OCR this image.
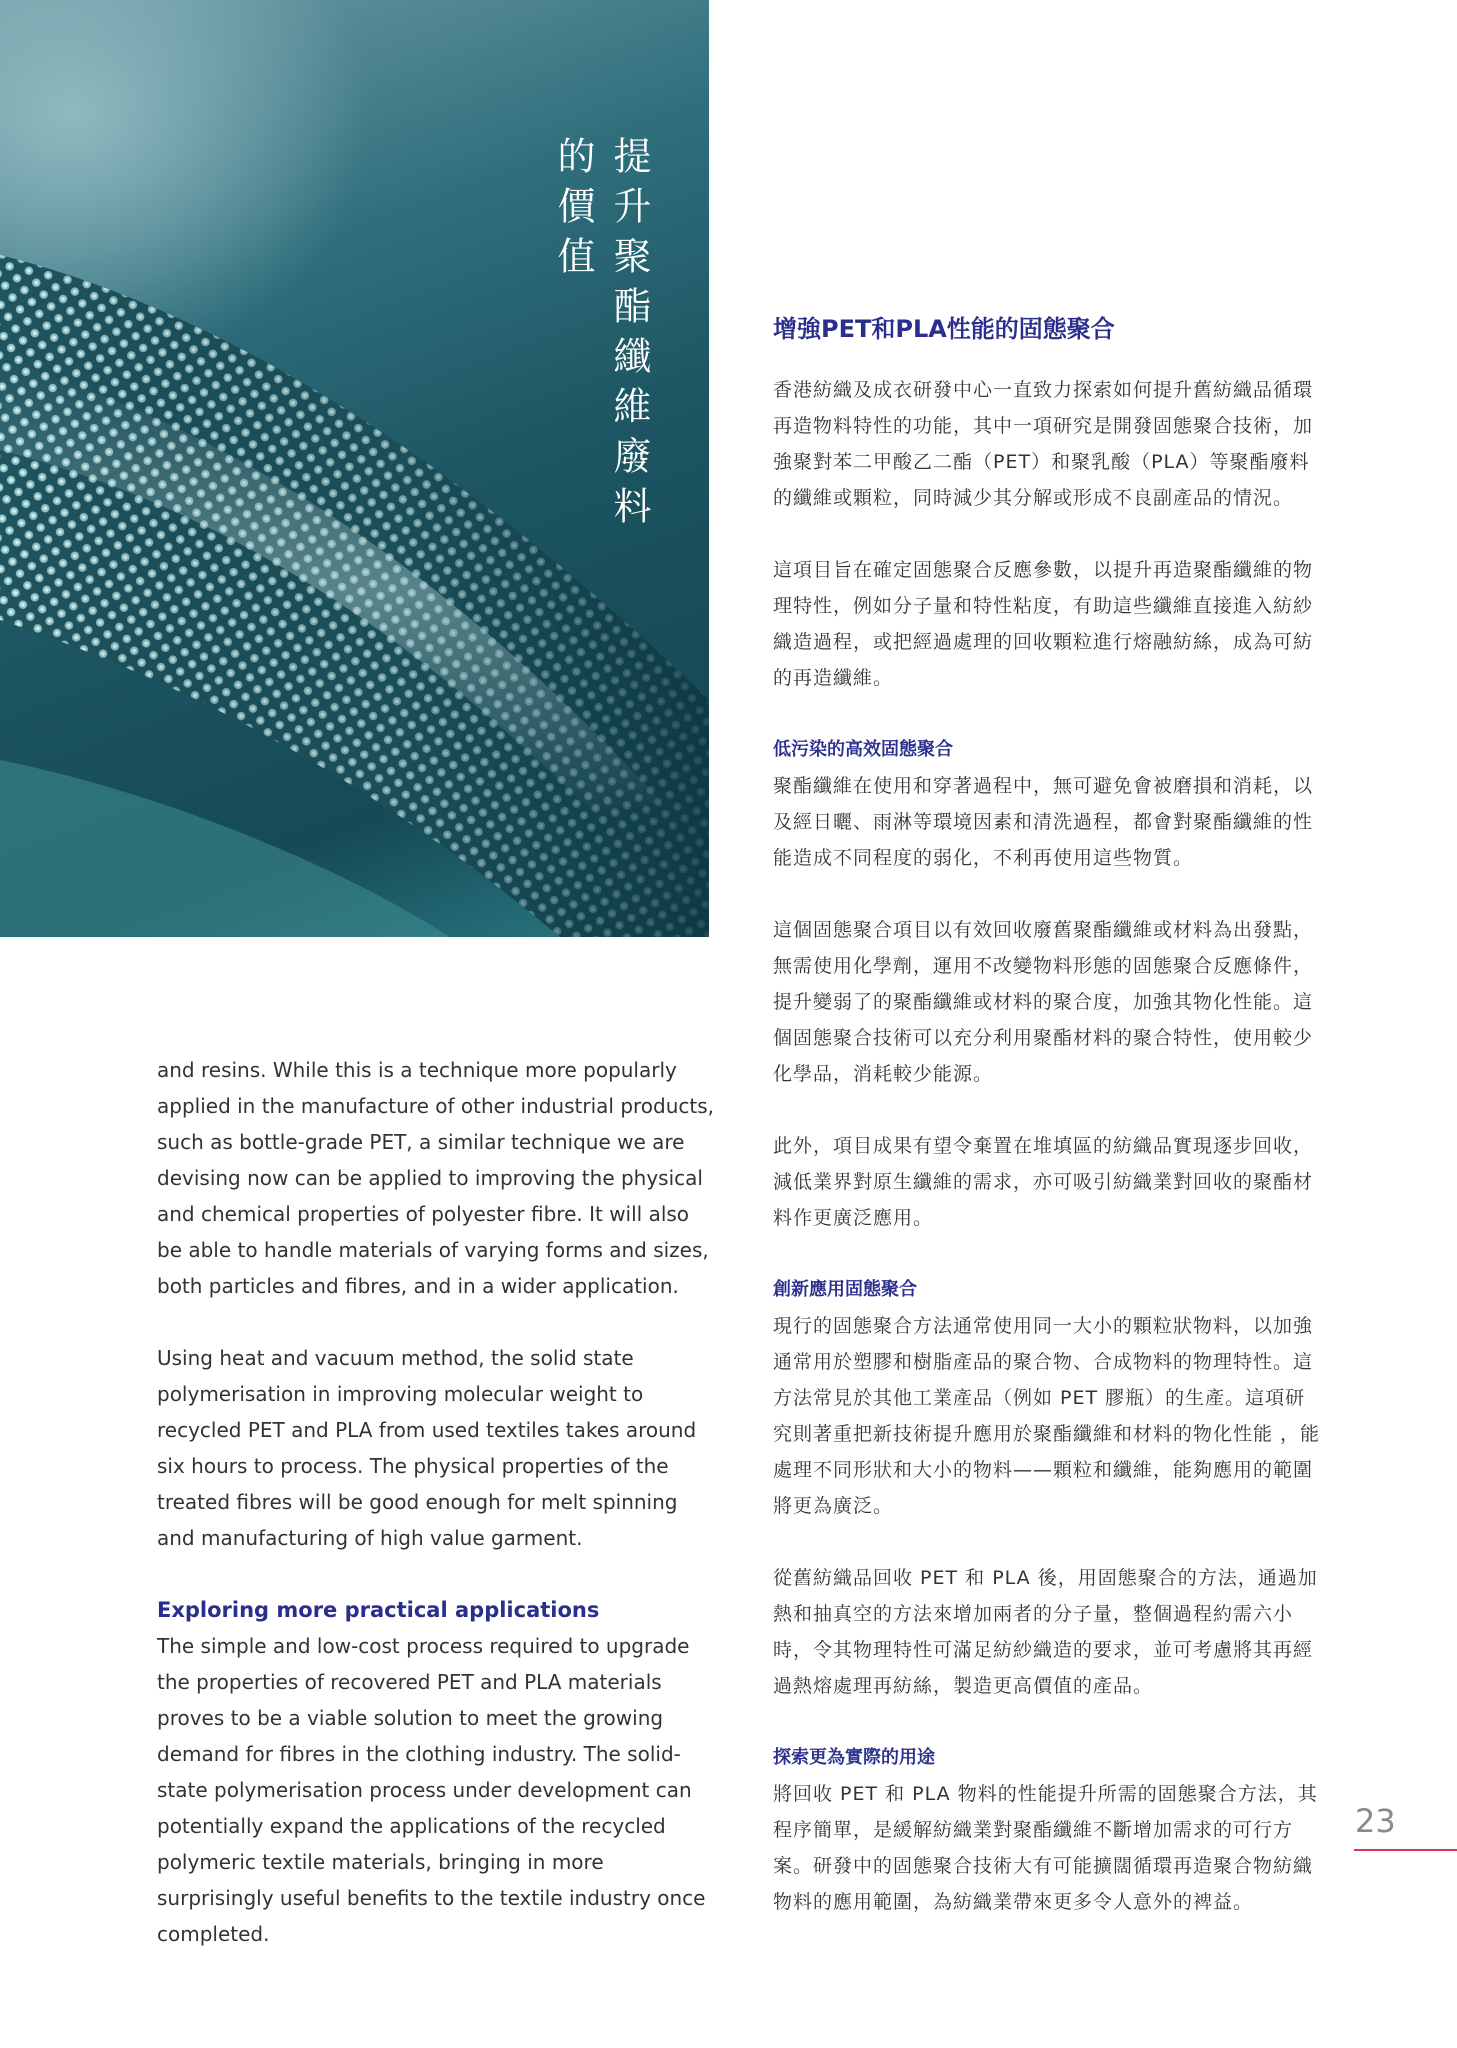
提升聚酯纖維廢料
的價值

and resins. While this is a technique more popularly applied in the manufacture of other industrial products, such as bottle-grade PET, a similar technique we are devising now can be applied to improving the physical and chemical properties of polyester fibre. It will also be able to handle materials of varying forms and sizes, both particles and fibres, and in a wider application.

Using heat and vacuum method, the solid state polymerisation in improving molecular weight to recycled PET and PLA from used textiles takes around six hours to process. The physical properties of the treated fibres will be good enough for melt spinning and manufacturing of high value garment.

Exploring more practical applications

The simple and low-cost process required to upgrade the properties of recovered PET and PLA materials proves to be a viable solution to meet the growing demand for fibres in the clothing industry. The solid-state polymerisation process under development can potentially expand the applications of the recycled polymeric textile materials, bringing in more surprisingly useful benefits to the textile industry once completed.

增強PET和PLA性能的固態聚合

香港紡織及成衣研發中心一直致力探索如何提升舊紡織品循環再造物料特性的功能，其中一項研究是開發固態聚合技術，加強聚對苯二甲酸乙二酯（PET）和聚乳酸（PLA）等聚酯廢料的纖維或顆粒，同時減少其分解或形成不良副產品的情況。

這項目旨在確定固態聚合反應參數，以提升再造聚酯纖維的物理特性，例如分子量和特性粘度，有助這些纖維直接進入紡紗織造過程，或把經過處理的回收顆粒進行熔融紡絲，成為可紡的再造纖維。

低污染的高效固態聚合

聚酯纖維在使用和穿著過程中，無可避免會被磨損和消耗，以及經日曬、雨淋等環境因素和清洗過程，都會對聚酯纖維的性能造成不同程度的弱化，不利再使用這些物質。

這個固態聚合項目以有效回收廢舊聚酯纖維或材料為出發點，無需使用化學劑，運用不改變物料形態的固態聚合反應條件，提升變弱了的聚酯纖維或材料的聚合度，加強其物化性能。這個固態聚合技術可以充分利用聚酯材料的聚合特性，使用較少化學品，消耗較少能源。

此外，項目成果有望令棄置在堆填區的紡織品實現逐步回收，減低業界對原生纖維的需求，亦可吸引紡織業對回收的聚酯材料作更廣泛應用。

創新應用固態聚合

現行的固態聚合方法通常使用同一大小的顆粒狀物料，以加強通常用於塑膠和樹脂產品的聚合物、合成物料的物理特性。這方法常見於其他工業產品（例如 PET 膠瓶）的生產。這項研究則著重把新技術提升應用於聚酯纖維和材料的物化性能 ，能處理不同形狀和大小的物料——顆粒和纖維，能夠應用的範圍將更為廣泛。

從舊紡織品回收 PET 和 PLA 後，用固態聚合的方法，通過加熱和抽真空的方法來增加兩者的分子量，整個過程約需六小時，令其物理特性可滿足紡紗織造的要求，並可考慮將其再經過熱熔處理再紡絲，製造更高價值的產品。

探索更為實際的用途

將回收 PET 和 PLA 物料的性能提升所需的固態聚合方法，其程序簡單，是緩解紡織業對聚酯纖維不斷增加需求的可行方案。研發中的固態聚合技術大有可能擴闊循環再造聚合物紡織物料的應用範圍，為紡織業帶來更多令人意外的裨益。

23
